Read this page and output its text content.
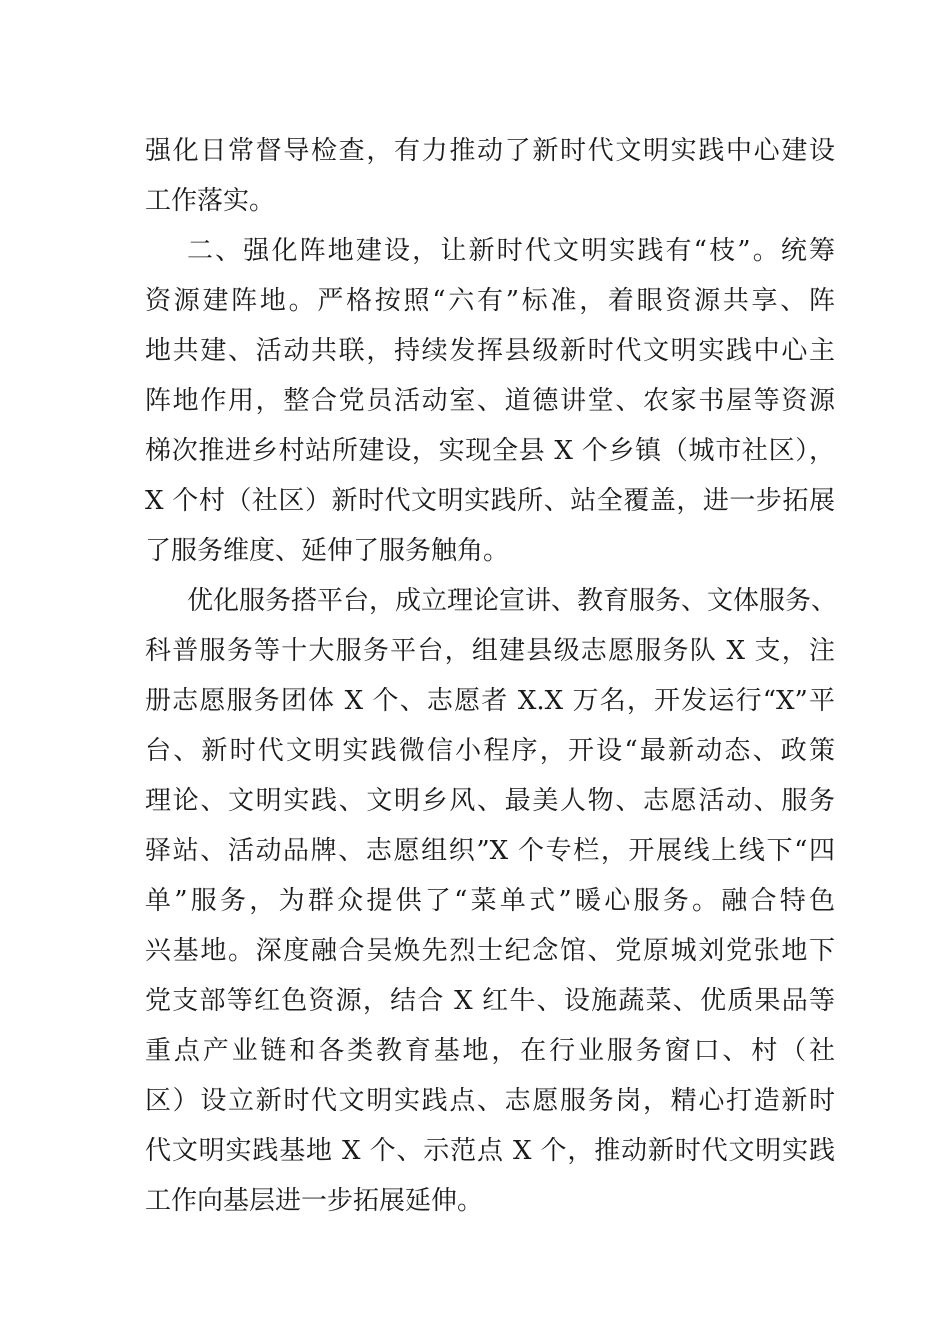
强化日常督导检查，有力推动了新时代文明实践中心建设
工作落实。
二、强化阵地建设，让新时代文明实践有“枝”。统筹
资源建阵地。严格按照“六有”标准，着眼资源共享、阵
地共建、活动共联，持续发挥县级新时代文明实践中心主
阵地作用，整合党员活动室、道德讲堂、农家书屋等资源
梯次推进乡村站所建设，实现全县 X 个乡镇（城市社区），
X 个村（社区）新时代文明实践所、站全覆盖，进一步拓展
了服务维度、延伸了服务触角。
优化服务搭平台，成立理论宣讲、教育服务、文体服务、
科普服务等十大服务平台，组建县级志愿服务队 X 支，注
册志愿服务团体 X 个、志愿者 X.X 万名，开发运行“X”平
台、新时代文明实践微信小程序，开设“最新动态、政策
理论、文明实践、文明乡风、最美人物、志愿活动、服务
驿站、活动品牌、志愿组织”X 个专栏，开展线上线下“四
单”服务，为群众提供了“菜单式”暖心服务。融合特色
兴基地。深度融合吴焕先烈士纪念馆、党原城刘党张地下
党支部等红色资源，结合 X 红牛、设施蔬菜、优质果品等
重点产业链和各类教育基地，在行业服务窗口、村（社
区）设立新时代文明实践点、志愿服务岗，精心打造新时
代文明实践基地 X 个、示范点 X 个，推动新时代文明实践
工作向基层进一步拓展延伸。
